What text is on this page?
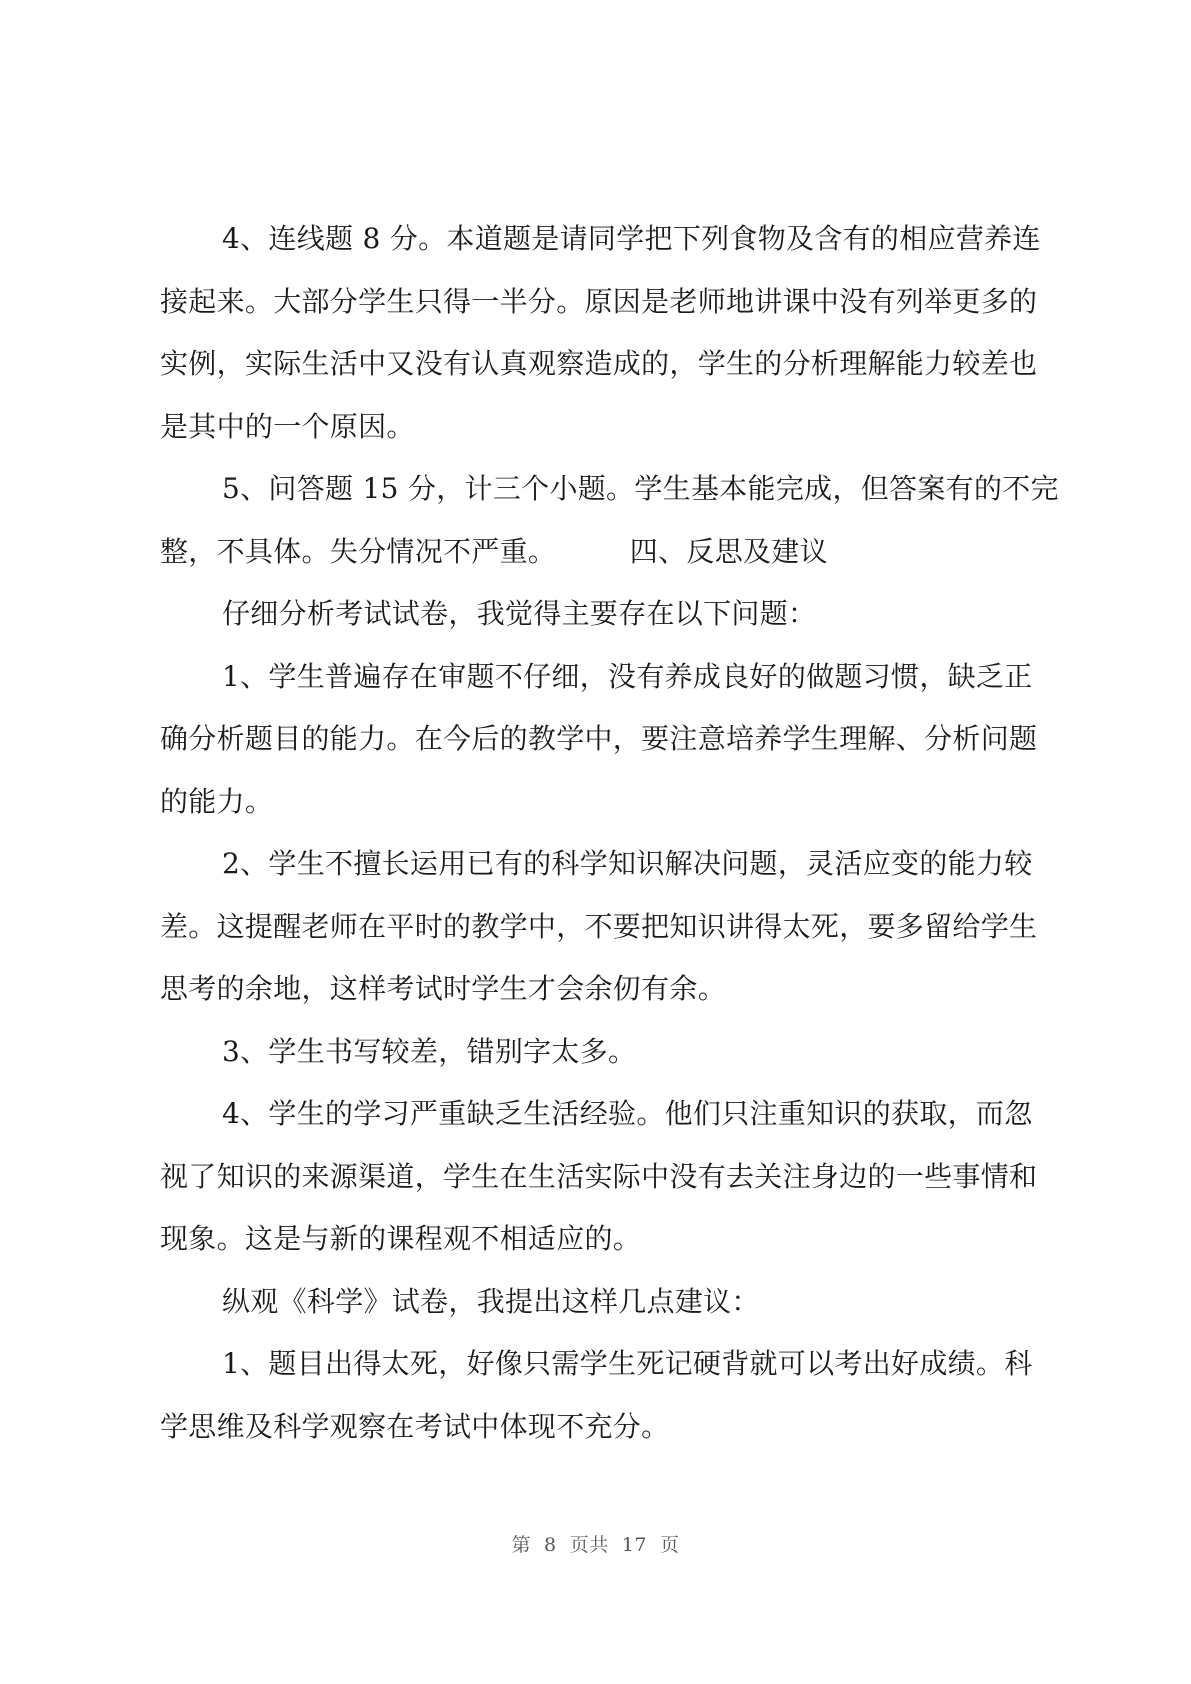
4、连线题 8 分。本道题是请同学把下列食物及含有的相应营养连接起来。大部分学生只得一半分。原因是老师地讲课中没有列举更多的实例，实际生活中又没有认真观察造成的，学生的分析理解能力较差也是其中的一个原因。

5、问答题 15 分，计三个小题。学生基本能完成，但答案有的不完整，不具体。失分情况不严重。        四、反思及建议

仔细分析考试试卷，我觉得主要存在以下问题：

1、学生普遍存在审题不仔细，没有养成良好的做题习惯，缺乏正确分析题目的能力。在今后的教学中，要注意培养学生理解、分析问题的能力。

2、学生不擅长运用已有的科学知识解决问题，灵活应变的能力较差。这提醒老师在平时的教学中，不要把知识讲得太死，要多留给学生思考的余地，这样考试时学生才会余仞有余。

3、学生书写较差，错别字太多。

4、学生的学习严重缺乏生活经验。他们只注重知识的获取，而忽视了知识的来源渠道，学生在生活实际中没有去关注身边的一些事情和现象。这是与新的课程观不相适应的。

纵观《科学》试卷，我提出这样几点建议：

1、题目出得太死，好像只需学生死记硬背就可以考出好成绩。科学思维及科学观察在考试中体现不充分。

第  8  页共  17  页
